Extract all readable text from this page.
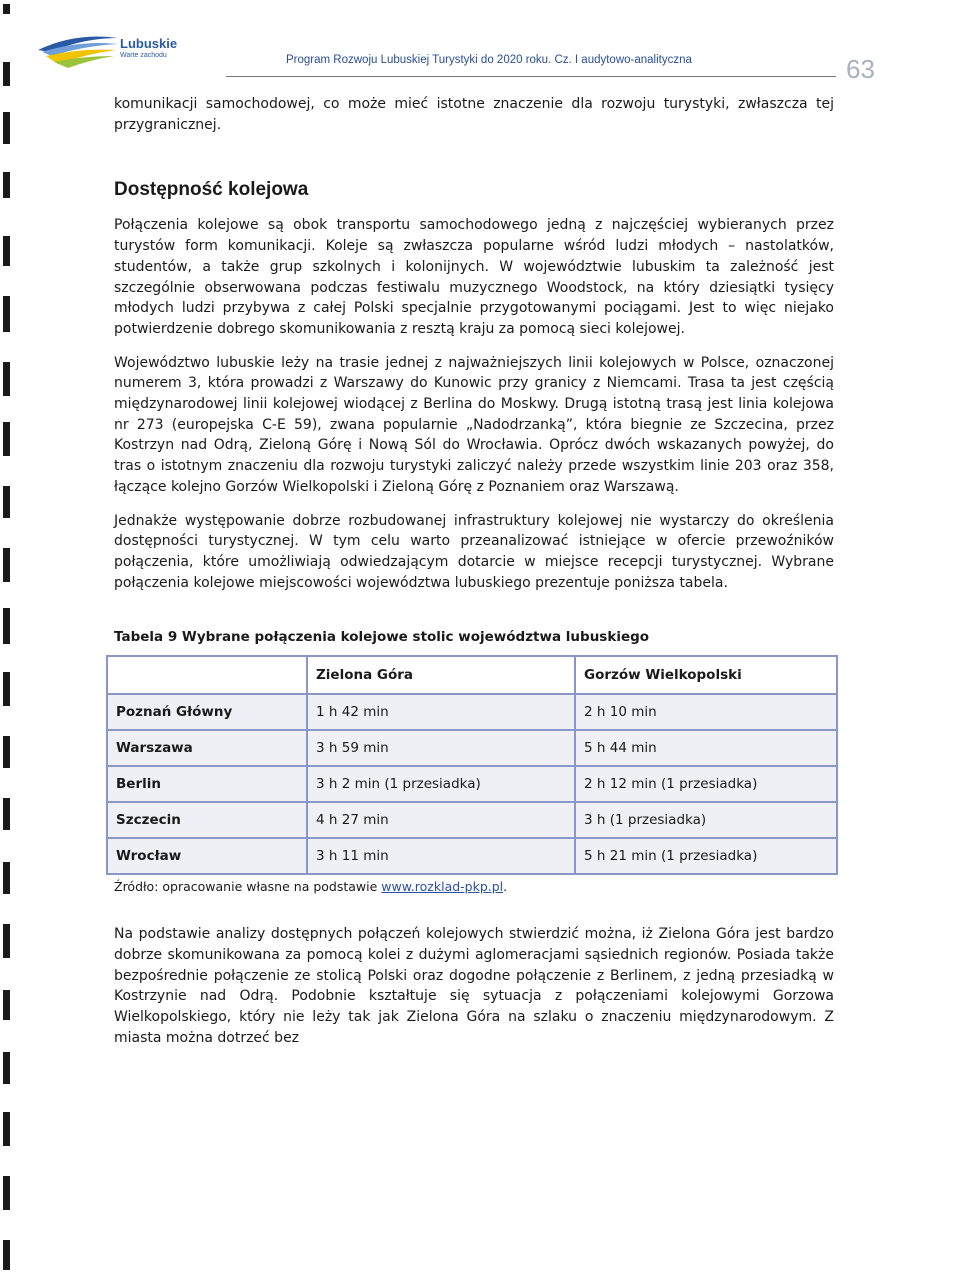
Lubuskie
Warte zachodu	Program Rozwoju Lubuskiej Turystyki do 2020 roku. Cz. I audytowo-analityczna	63

komunikacji samochodowej, co może mieć istotne znaczenie dla rozwoju turystyki, zwłaszcza tej przygranicznej.

Dostępność kolejowa

Połączenia kolejowe są obok transportu samochodowego jedną z najczęściej wybieranych przez turystów form komunikacji. Koleje są zwłaszcza popularne wśród ludzi młodych – nastolatków, studentów, a także grup szkolnych i kolonijnych. W województwie lubuskim ta zależność jest szczególnie obserwowana podczas festiwalu muzycznego Woodstock, na który dziesiątki tysięcy młodych ludzi przybywa z całej Polski specjalnie przygotowanymi pociągami. Jest to więc niejako potwierdzenie dobrego skomunikowania z resztą kraju za pomocą sieci kolejowej.

Województwo lubuskie leży na trasie jednej z najważniejszych linii kolejowych w Polsce, oznaczonej numerem 3, która prowadzi z Warszawy do Kunowic przy granicy z Niemcami. Trasa ta jest częścią międzynarodowej linii kolejowej wiodącej z Berlina do Moskwy. Drugą istotną trasą jest linia kolejowa nr 273 (europejska C-E 59), zwana popularnie „Nadodrzanką”, która biegnie ze Szczecina, przez Kostrzyn nad Odrą, Zieloną Górę i Nową Sól do Wrocławia. Oprócz dwóch wskazanych powyżej, do tras o istotnym znaczeniu dla rozwoju turystyki zaliczyć należy przede wszystkim linie 203 oraz 358, łączące kolejno Gorzów Wielkopolski i Zieloną Górę z Poznaniem oraz Warszawą.

Jednakże występowanie dobrze rozbudowanej infrastruktury kolejowej nie wystarczy do określenia dostępności turystycznej. W tym celu warto przeanalizować istniejące w ofercie przewoźników połączenia, które umożliwiają odwiedzającym dotarcie w miejsce recepcji turystycznej. Wybrane połączenia kolejowe miejscowości województwa lubuskiego prezentuje poniższa tabela.

Tabela 9 Wybrane połączenia kolejowe stolic województwa lubuskiego
	Zielona Góra	Gorzów Wielkopolski
Poznań Główny	1 h 42 min	2 h 10 min
Warszawa	3 h 59 min	5 h 44 min
Berlin	3 h 2 min (1 przesiadka)	2 h 12 min (1 przesiadka)
Szczecin	4 h 27 min	3 h (1 przesiadka)
Wrocław	3 h 11 min	5 h 21 min (1 przesiadka)
Źródło: opracowanie własne na podstawie www.rozklad-pkp.pl.

Na podstawie analizy dostępnych połączeń kolejowych stwierdzić można, iż Zielona Góra jest bardzo dobrze skomunikowana za pomocą kolei z dużymi aglomeracjami sąsiednich regionów. Posiada także bezpośrednie połączenie ze stolicą Polski oraz dogodne połączenie z Berlinem, z jedną przesiadką w Kostrzynie nad Odrą. Podobnie kształtuje się sytuacja z połączeniami kolejowymi Gorzowa Wielkopolskiego, który nie leży tak jak Zielona Góra na szlaku o znaczeniu międzynarodowym. Z miasta można dotrzeć bez
